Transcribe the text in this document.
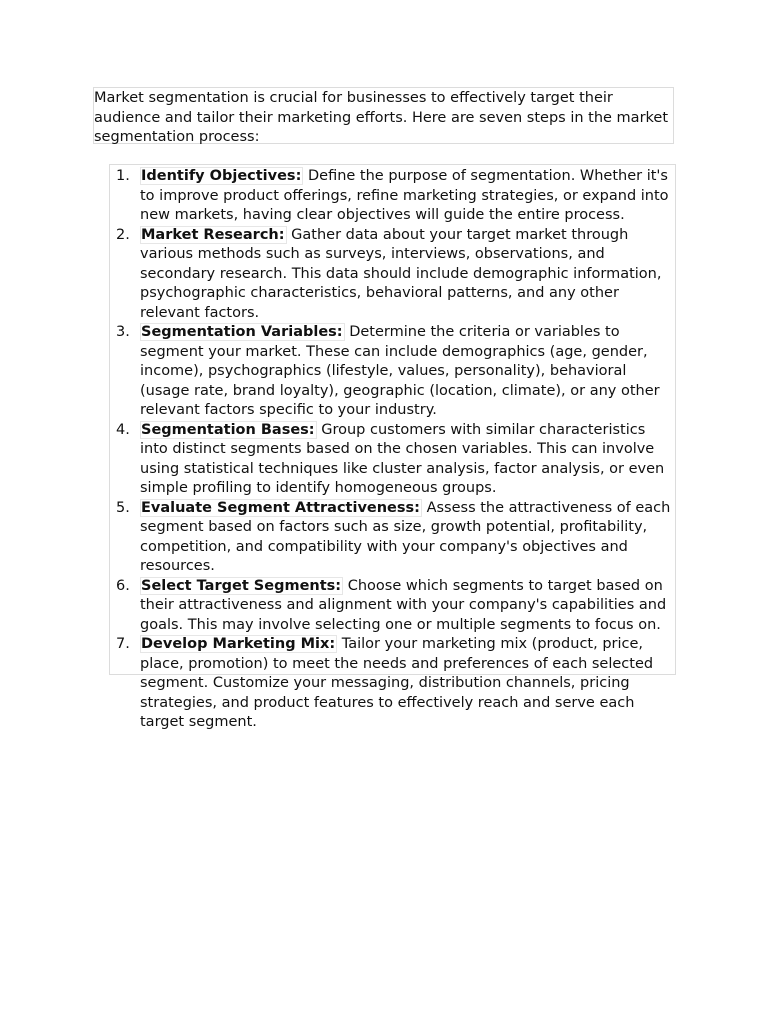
Market segmentation is crucial for businesses to effectively target their audience and tailor their marketing efforts. Here are seven steps in the market segmentation process:
1. Identify Objectives: Define the purpose of segmentation. Whether it's to improve product offerings, refine marketing strategies, or expand into new markets, having clear objectives will guide the entire process.
2. Market Research: Gather data about your target market through various methods such as surveys, interviews, observations, and secondary research. This data should include demographic information, psychographic characteristics, behavioral patterns, and any other relevant factors.
3. Segmentation Variables: Determine the criteria or variables to segment your market. These can include demographics (age, gender, income), psychographics (lifestyle, values, personality), behavioral (usage rate, brand loyalty), geographic (location, climate), or any other relevant factors specific to your industry.
4. Segmentation Bases: Group customers with similar characteristics into distinct segments based on the chosen variables. This can involve using statistical techniques like cluster analysis, factor analysis, or even simple profiling to identify homogeneous groups.
5. Evaluate Segment Attractiveness: Assess the attractiveness of each segment based on factors such as size, growth potential, profitability, competition, and compatibility with your company's objectives and resources.
6. Select Target Segments: Choose which segments to target based on their attractiveness and alignment with your company's capabilities and goals. This may involve selecting one or multiple segments to focus on.
7. Develop Marketing Mix: Tailor your marketing mix (product, price, place, promotion) to meet the needs and preferences of each selected segment. Customize your messaging, distribution channels, pricing strategies, and product features to effectively reach and serve each target segment.
